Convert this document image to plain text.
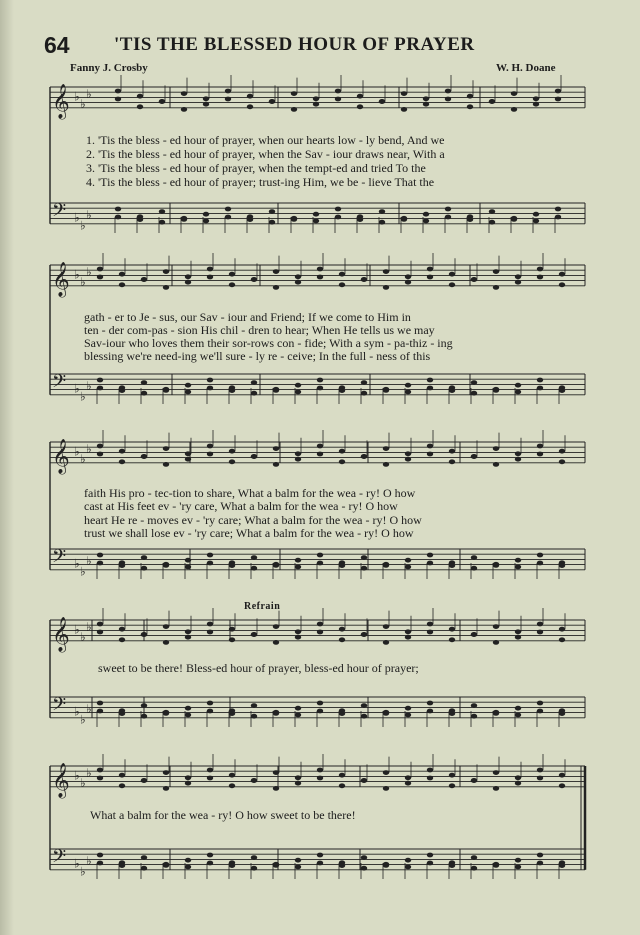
64 'TIS THE BLESSED HOUR OF PRAYER
Fanny J. Crosby	W. H. Doane
𝄞 ♭
♭
♭
𝄢 ♭
♭
♭
𝄞 ♭
♭
♭
𝄢 ♭
♭
♭
𝄞 ♭
♭
♭
𝄢 ♭
♭
♭
𝄞 ♭
♭
♭
𝄢 ♭
♭
♭
𝄞 ♭
♭
♭
𝄢 ♭
♭
♭
Refrain
1. 'Tis the bless - ed hour of prayer, when our hearts low - ly bend, And we
2. 'Tis the bless - ed hour of prayer, when the Sav - iour draws near, With a
3. 'Tis the bless - ed hour of prayer, when the tempt-ed and tried To the
4. 'Tis the bless - ed hour of prayer; trust-ing Him, we be - lieve That the
gath - er to Je - sus, our Sav - iour and Friend; If we come to Him in
ten - der com-pas - sion His chil - dren to hear; When He tells us we may
Sav-iour who loves them their sor-rows con - fide; With a sym - pa-thiz - ing
blessing we're need-ing we'll sure - ly re - ceive; In the full - ness of this
faith His pro - tec-tion to share, What a balm for the wea - ry! O how
cast at His feet ev - 'ry care, What a balm for the wea - ry! O how
heart He re - moves ev - 'ry care; What a balm for the wea - ry! O how
trust we shall lose ev - 'ry care; What a balm for the wea - ry! O how
sweet to be there! Bless-ed hour of prayer, bless-ed hour of prayer;
What a balm for the wea - ry! O how sweet to be there!
